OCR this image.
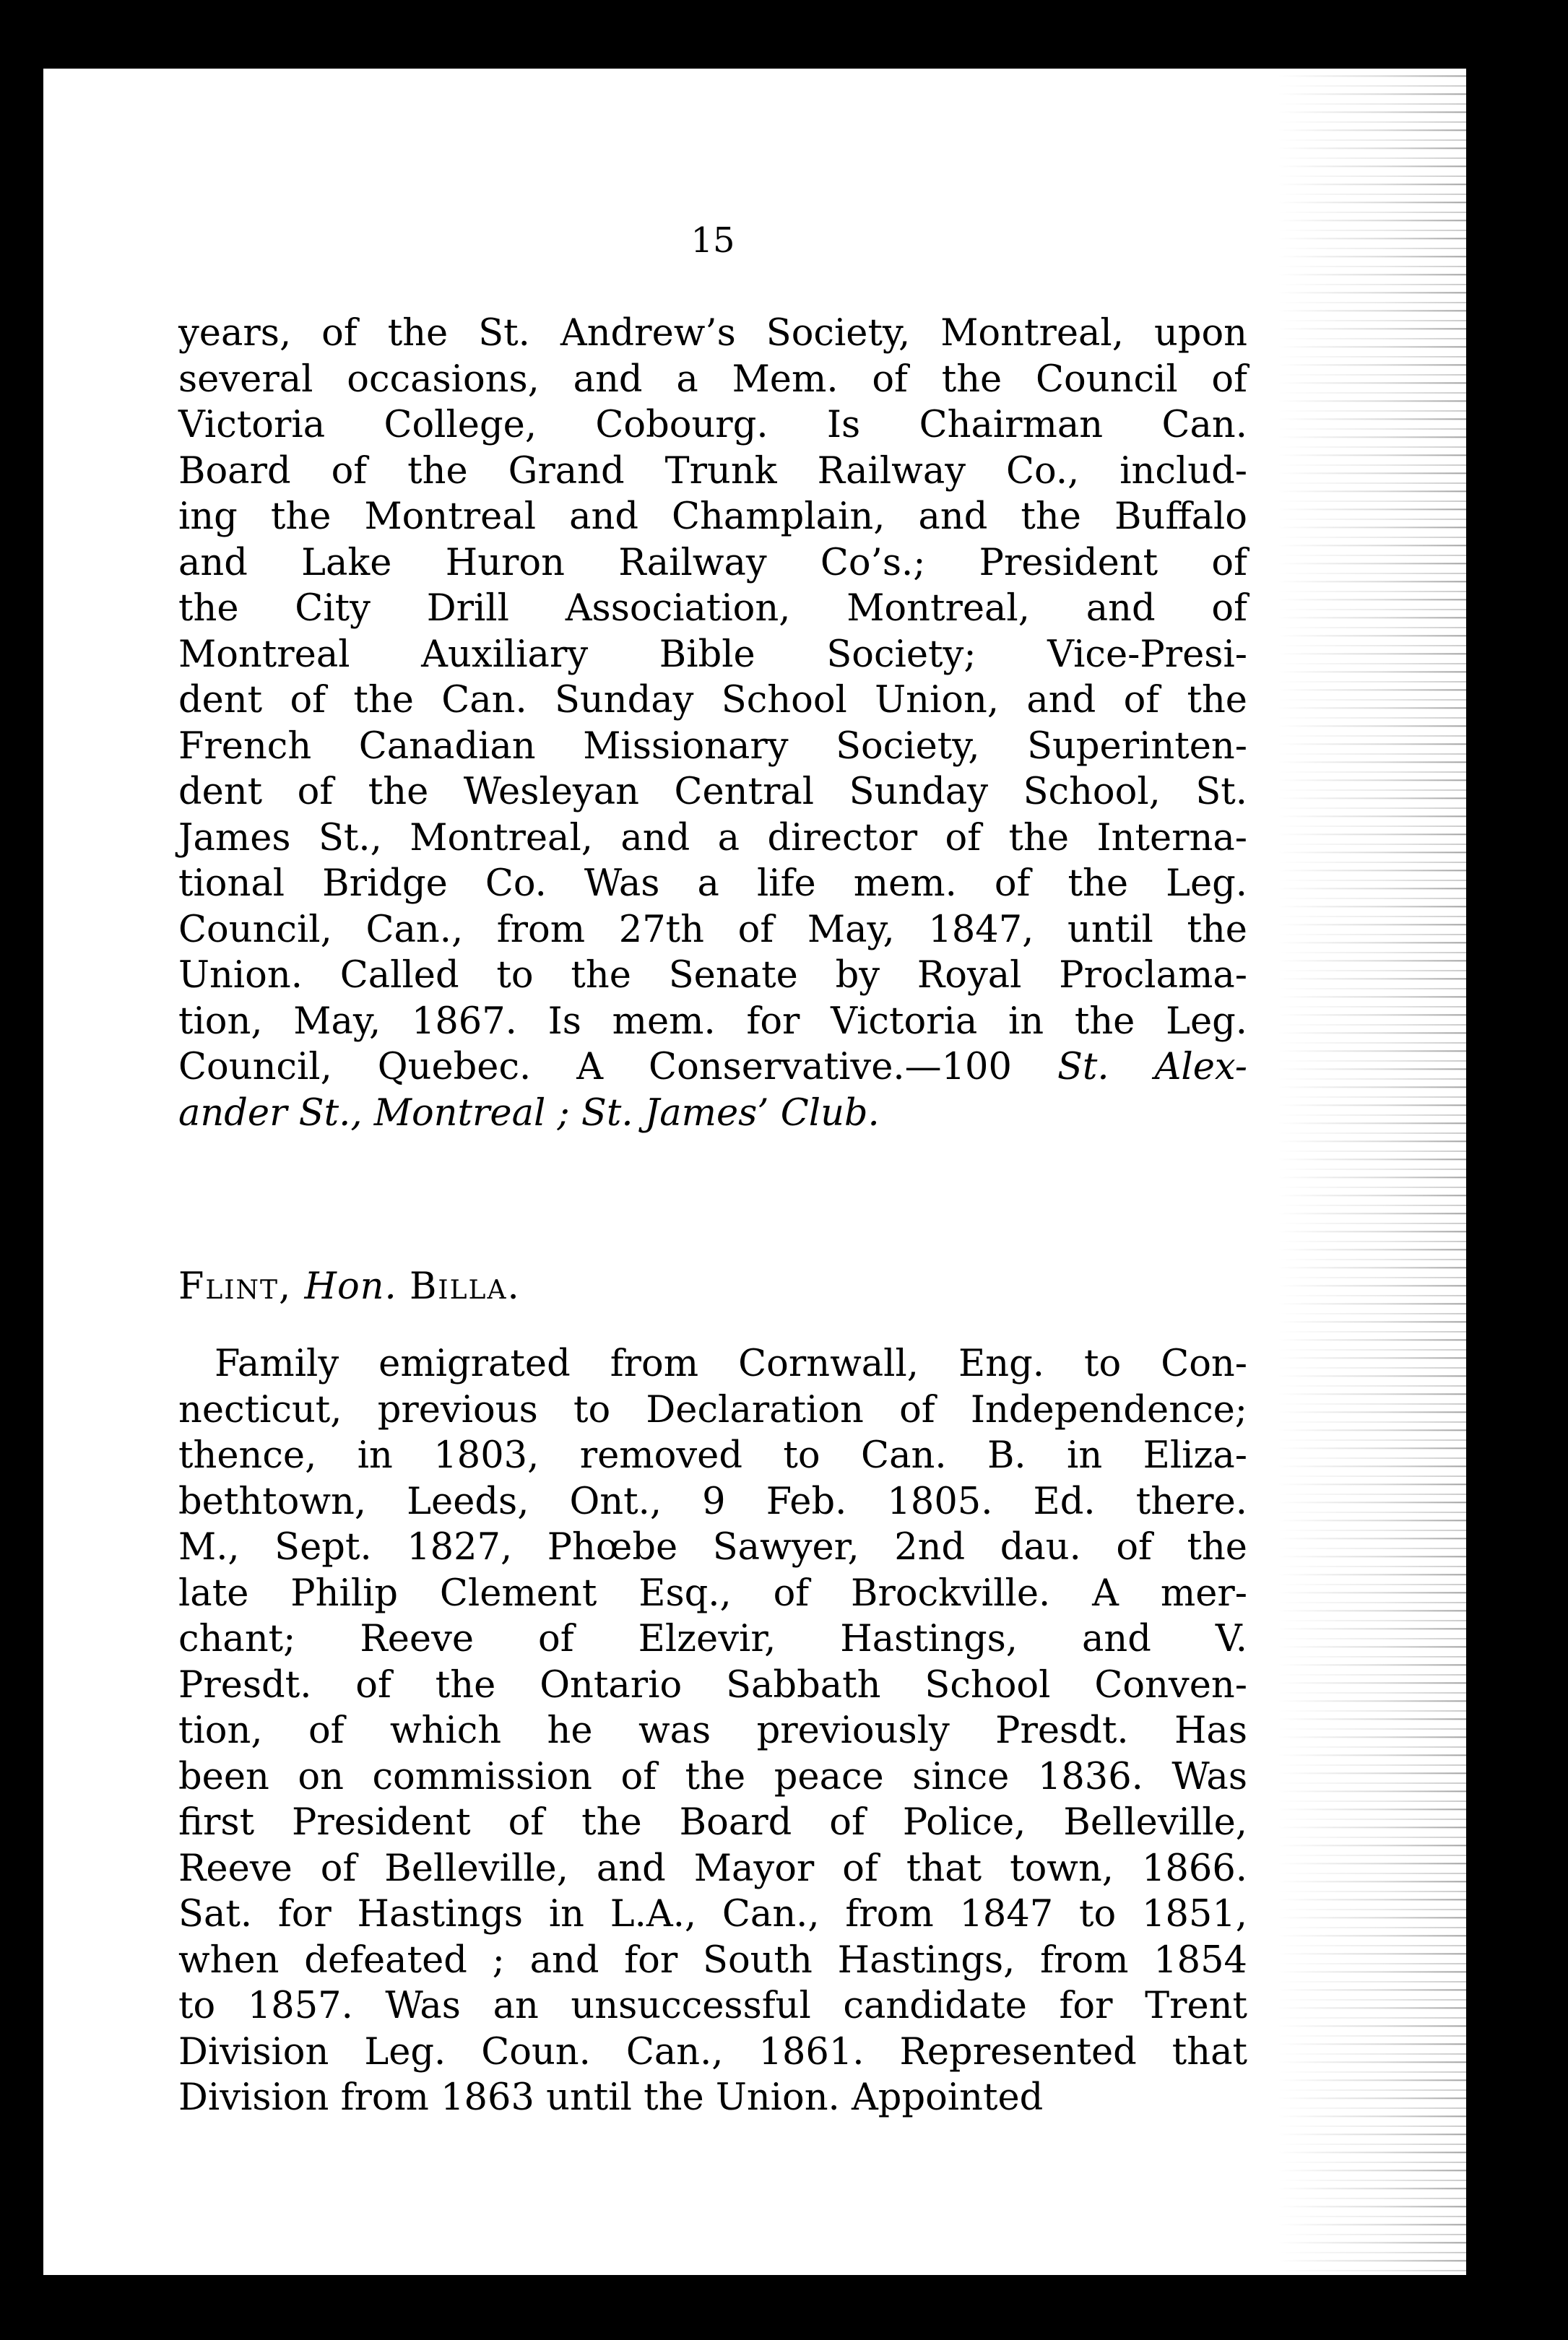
15
years, of the St. Andrew’s Society, Montreal, upon
several occasions, and a Mem. of the Council of
Victoria College, Cobourg. Is Chairman Can.
Board of the Grand Trunk Railway Co., includ-
ing the Montreal and Champlain, and the Buffalo
and Lake Huron Railway Co’s.; President of
the City Drill Association, Montreal, and of
Montreal Auxiliary Bible Society; Vice-Presi-
dent of the Can. Sunday School Union, and of the
French Canadian Missionary Society, Superinten-
dent of the Wesleyan Central Sunday School, St.
James St., Montreal, and a director of the Interna-
tional Bridge Co. Was a life mem. of the Leg.
Council, Can., from 27th of May, 1847, until the
Union. Called to the Senate by Royal Proclama-
tion, May, 1867. Is mem. for Victoria in the Leg.
Council, Quebec. A Conservative.—100 St. Alex-
ander St., Montreal ; St. James’ Club.
Flint, Hon. Billa.
Family emigrated from Cornwall, Eng. to Con-
necticut, previous to Declaration of Independence;
thence, in 1803, removed to Can. B. in Eliza-
bethtown, Leeds, Ont., 9 Feb. 1805. Ed. there.
M., Sept. 1827, Phœbe Sawyer, 2nd dau. of the
late Philip Clement Esq., of Brockville. A mer-
chant; Reeve of Elzevir, Hastings, and V.
Presdt. of the Ontario Sabbath School Conven-
tion, of which he was previously Presdt. Has
been on commission of the peace since 1836. Was
first President of the Board of Police, Belleville,
Reeve of Belleville, and Mayor of that town, 1866.
Sat. for Hastings in L.A., Can., from 1847 to 1851,
when defeated ; and for South Hastings, from 1854
to 1857. Was an unsuccessful candidate for Trent
Division Leg. Coun. Can., 1861. Represented that
Division from 1863 until the Union. Appointed
